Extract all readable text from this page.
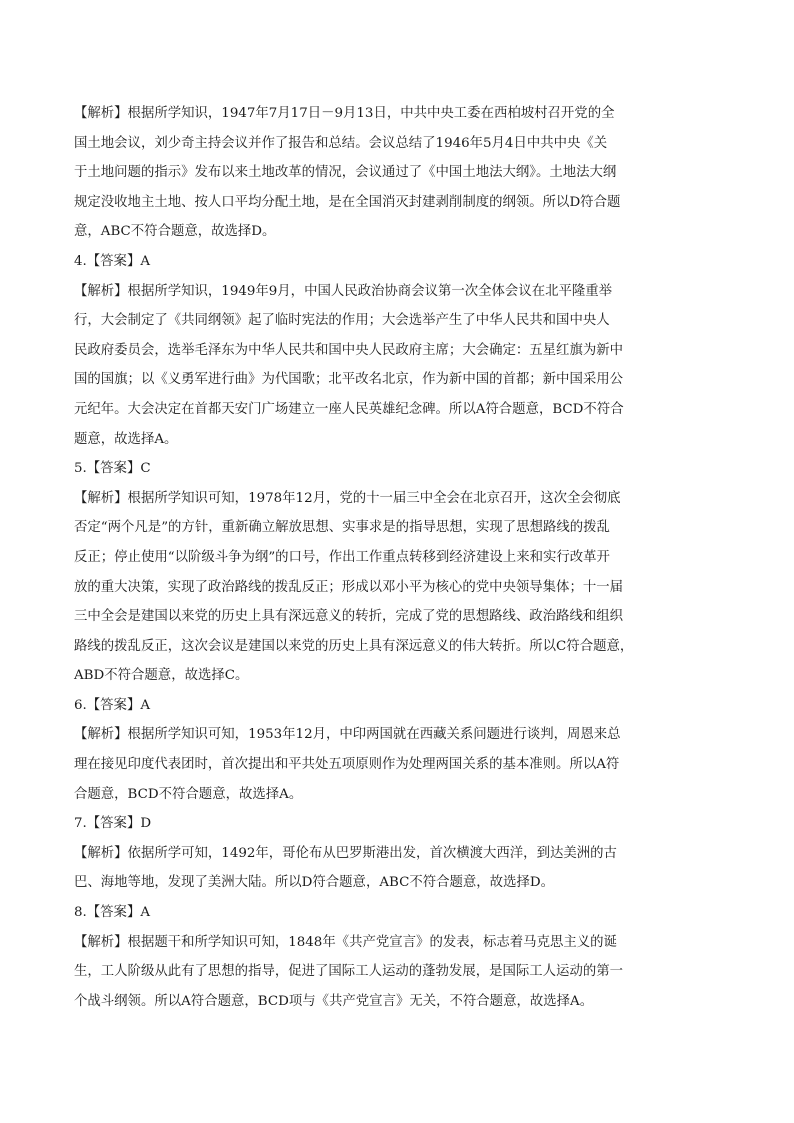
【解析】根据所学知识，1947年7月17日－9月13日，中共中央工委在西柏坡村召开党的全
国土地会议，刘少奇主持会议并作了报告和总结。会议总结了1946年5月4日中共中央《关
于土地问题的指示》发布以来土地改革的情况，会议通过了《中国土地法大纲》。土地法大纲
规定没收地主土地、按人口平均分配土地，是在全国消灭封建剥削制度的纲领。所以D符合题
意，ABC不符合题意，故选择D。
4.【答案】A
【解析】根据所学知识，1949年9月，中国人民政治协商会议第一次全体会议在北平隆重举
行，大会制定了《共同纲领》起了临时宪法的作用；大会选举产生了中华人民共和国中央人
民政府委员会，选举毛泽东为中华人民共和国中央人民政府主席；大会确定：五星红旗为新中
国的国旗；以《义勇军进行曲》为代国歌；北平改名北京，作为新中国的首都；新中国采用公
元纪年。大会决定在首都天安门广场建立一座人民英雄纪念碑。所以A符合题意，BCD不符合
题意，故选择A。
5.【答案】C
【解析】根据所学知识可知，1978年12月，党的十一届三中全会在北京召开，这次全会彻底
否定“两个凡是”的方针，重新确立解放思想、实事求是的指导思想，实现了思想路线的拨乱
反正；停止使用“以阶级斗争为纲”的口号，作出工作重点转移到经济建设上来和实行改革开
放的重大决策，实现了政治路线的拨乱反正；形成以邓小平为核心的党中央领导集体；十一届
三中全会是建国以来党的历史上具有深远意义的转折，完成了党的思想路线、政治路线和组织
路线的拨乱反正，这次会议是建国以来党的历史上具有深远意义的伟大转折。所以C符合题意，
ABD不符合题意，故选择C。
6.【答案】A
【解析】根据所学知识可知，1953年12月，中印两国就在西藏关系问题进行谈判，周恩来总
理在接见印度代表团时，首次提出和平共处五项原则作为处理两国关系的基本准则。所以A符
合题意，BCD不符合题意，故选择A。
7.【答案】D
【解析】依据所学可知，1492年，哥伦布从巴罗斯港出发，首次横渡大西洋，到达美洲的古
巴、海地等地，发现了美洲大陆。所以D符合题意，ABC不符合题意，故选择D。
8.【答案】A
【解析】根据题干和所学知识可知，1848年《共产党宣言》的发表，标志着马克思主义的诞
生，工人阶级从此有了思想的指导，促进了国际工人运动的蓬勃发展，是国际工人运动的第一
个战斗纲领。所以A符合题意，BCD项与《共产党宣言》无关，不符合题意，故选择A。
